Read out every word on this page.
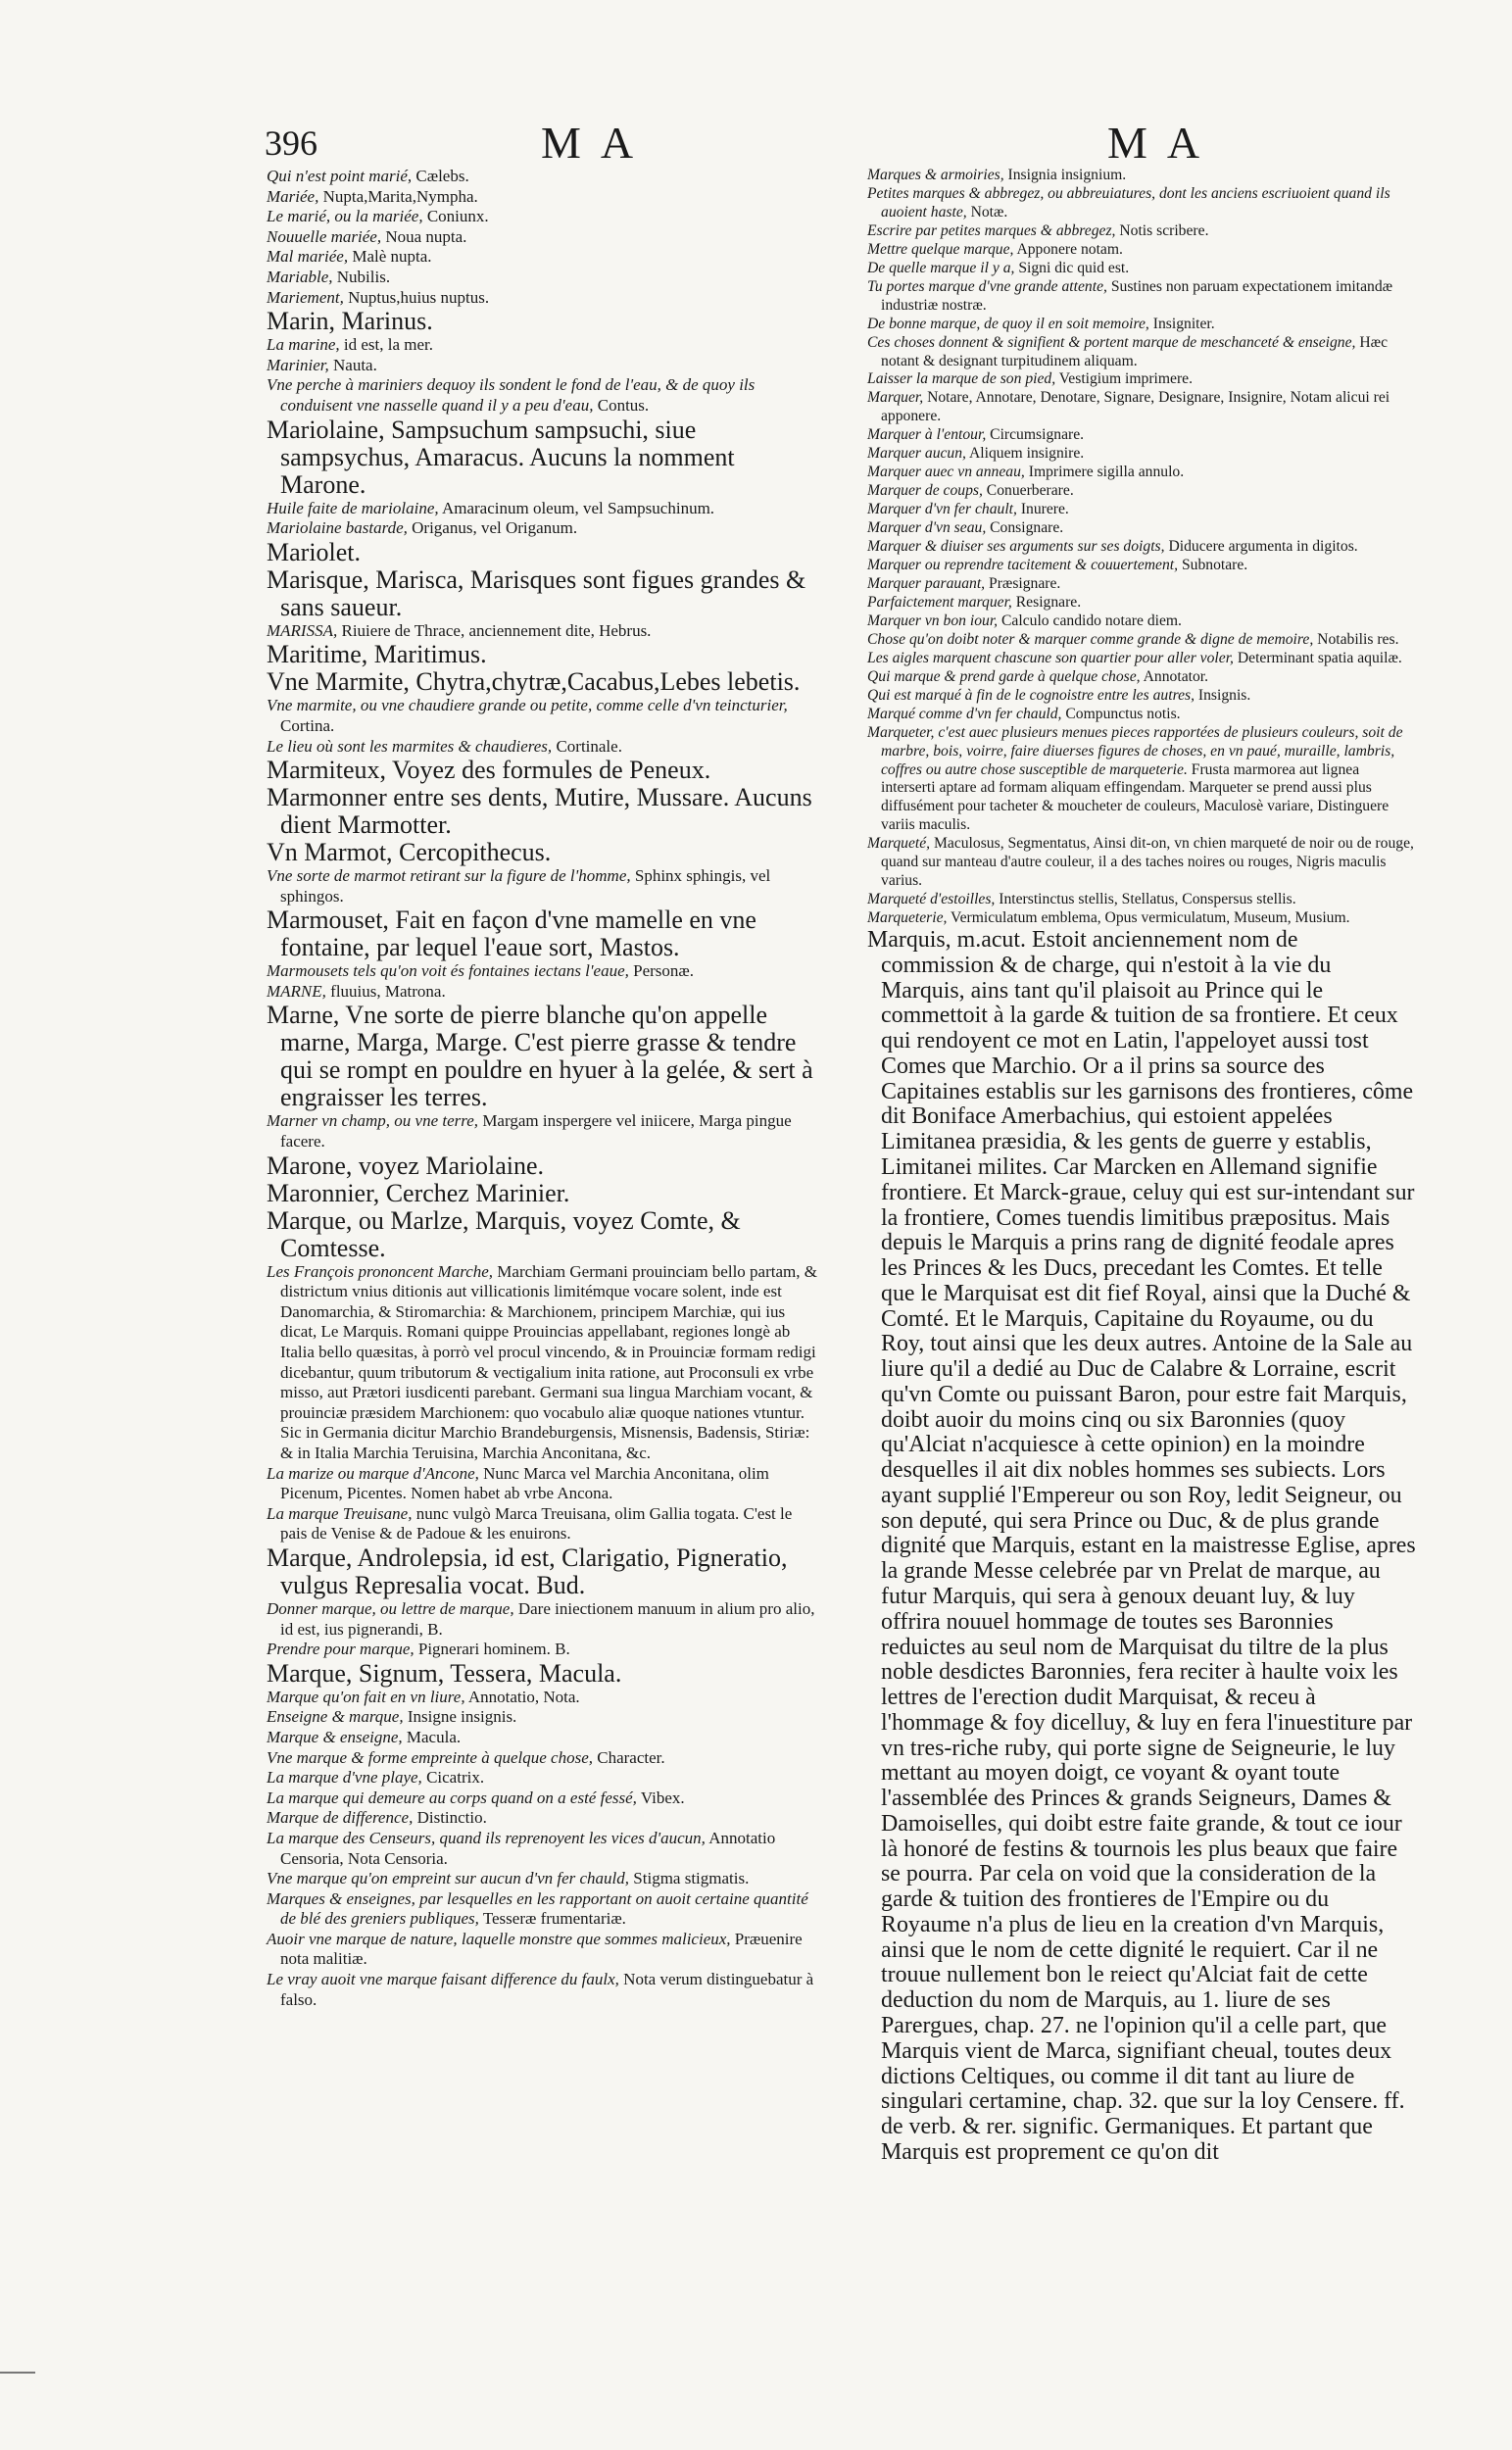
396	MA	MA

Qui n'est point marié, Cælebs.

Mariée, Nupta,Marita,Nympha.

Le marié, ou la mariée, Coniunx.

Nouuelle mariée, Noua nupta.

Mal mariée, Malè nupta.

Mariable, Nubilis.

Mariement, Nuptus,huius nuptus.

Marin, Marinus.

La marine, id est, la mer.

Marinier, Nauta.

Vne perche à mariniers dequoy ils sondent le fond de l'eau, & de quoy ils conduisent vne nasselle quand il y a peu d'eau, Contus.

Mariolaine, Sampsuchum sampsuchi, siue sampsychus, Amaracus. Aucuns la nomment Marone.

Huile faite de mariolaine, Amaracinum oleum, vel Sampsuchinum.

Mariolaine bastarde, Origanus, vel Origanum.

Mariolet.

Marisque, Marisca, Marisques sont figues grandes & sans saueur.

MARISSA, Riuiere de Thrace, anciennement dite, Hebrus.

Maritime, Maritimus.

Vne Marmite, Chytra,chytræ,Cacabus,Lebes lebetis.

Vne marmite, ou vne chaudiere grande ou petite, comme celle d'vn teincturier, Cortina.

Le lieu où sont les marmites & chaudieres, Cortinale.

Marmiteux, Voyez des formules de Peneux.

Marmonner entre ses dents, Mutire, Mussare. Aucuns dient Marmotter.

Vn Marmot, Cercopithecus.

Vne sorte de marmot retirant sur la figure de l'homme, Sphinx sphingis, vel sphingos.

Marmouset, Fait en façon d'vne mamelle en vne fontaine, par lequel l'eaue sort, Mastos.

Marmousets tels qu'on voit és fontaines iectans l'eaue, Personæ.

MARNE, fluuius, Matrona.

Marne, Vne sorte de pierre blanche qu'on appelle marne, Marga, Marge. C'est pierre grasse & tendre qui se rompt en pouldre en hyuer à la gelée, & sert à engraisser les terres.

Marner vn champ, ou vne terre, Margam inspergere vel iniicere, Marga pingue facere.

Marone, voyez Mariolaine.

Maronnier, Cerchez Marinier.

Marque, ou Marlze, Marquis, voyez Comte, & Comtesse.

Les François prononcent Marche, Marchiam Germani prouinciam bello partam, & districtum vnius ditionis aut villicationis limitémque vocare solent, inde est Danomarchia, & Stiromarchia: & Marchionem, principem Marchiæ, qui ius dicat, Le Marquis. Romani quippe Prouincias appellabant, regiones longè ab Italia bello quæsitas, à porrò vel procul vincendo, & in Prouinciæ formam redigi dicebantur, quum tributorum & vectigalium inita ratione, aut Proconsuli ex vrbe misso, aut Prætori iusdicenti parebant. Germani sua lingua Marchiam vocant, & prouinciæ præsidem Marchionem: quo vocabulo aliæ quoque nationes vtuntur. Sic in Germania dicitur Marchio Brandeburgensis, Misnensis, Badensis, Stiriæ: & in Italia Marchia Teruisina, Marchia Anconitana, &c.

La marize ou marque d'Ancone, Nunc Marca vel Marchia Anconitana, olim Picenum, Picentes. Nomen habet ab vrbe Ancona.

La marque Treuisane, nunc vulgò Marca Treuisana, olim Gallia togata. C'est le pais de Venise & de Padoue & les enuirons.

Marque, Androlepsia, id est, Clarigatio, Pigneratio, vulgus Represalia vocat. Bud.

Donner marque, ou lettre de marque, Dare iniectionem manuum in alium pro alio, id est, ius pignerandi, B.

Prendre pour marque, Pignerari hominem. B.

Marque, Signum, Tessera, Macula.

Marque qu'on fait en vn liure, Annotatio, Nota.

Enseigne & marque, Insigne insignis.

Marque & enseigne, Macula.

Vne marque & forme empreinte à quelque chose, Character.

La marque d'vne playe, Cicatrix.

La marque qui demeure au corps quand on a esté fessé, Vibex.

Marque de difference, Distinctio.

La marque des Censeurs, quand ils reprenoyent les vices d'aucun, Annotatio Censoria, Nota Censoria.

Vne marque qu'on empreint sur aucun d'vn fer chauld, Stigma stigmatis.

Marques & enseignes, par lesquelles en les rapportant on auoit certaine quantité de blé des greniers publiques, Tesseræ frumentariæ.

Auoir vne marque de nature, laquelle monstre que sommes malicieux, Præuenire nota malitiæ.

Le vray auoit vne marque faisant difference du faulx, Nota verum distinguebatur à falso.

Marques & armoiries, Insignia insignium.

Petites marques & abbregez, ou abbreuiatures, dont les anciens escriuoient quand ils auoient haste, Notæ.

Escrire par petites marques & abbregez, Notis scribere.

Mettre quelque marque, Apponere notam.

De quelle marque il y a, Signi dic quid est.

Tu portes marque d'vne grande attente, Sustines non paruam expectationem imitandæ industriæ nostræ.

De bonne marque, de quoy il en soit memoire, Insigniter.

Ces choses donnent & signifient & portent marque de meschanceté & enseigne, Hæc notant & designant turpitudinem aliquam.

Laisser la marque de son pied, Vestigium imprimere.

Marquer, Notare, Annotare, Denotare, Signare, Designare, Insignire, Notam alicui rei apponere.

Marquer à l'entour, Circumsignare.

Marquer aucun, Aliquem insignire.

Marquer auec vn anneau, Imprimere sigilla annulo.

Marquer de coups, Conuerberare.

Marquer d'vn fer chault, Inurere.

Marquer d'vn seau, Consignare.

Marquer & diuiser ses arguments sur ses doigts, Diducere argumenta in digitos.

Marquer ou reprendre tacitement & couuertement, Subnotare.

Marquer parauant, Præsignare.

Parfaictement marquer, Resignare.

Marquer vn bon iour, Calculo candido notare diem.

Chose qu'on doibt noter & marquer comme grande & digne de memoire, Notabilis res.

Les aigles marquent chascune son quartier pour aller voler, Determinant spatia aquilæ.

Qui marque & prend garde à quelque chose, Annotator.

Qui est marqué à fin de le cognoistre entre les autres, Insignis.

Marqué comme d'vn fer chauld, Compunctus notis.

Marqueter, c'est auec plusieurs menues pieces rapportées de plusieurs couleurs, soit de marbre, bois, voirre, faire diuerses figures de choses, en vn paué, muraille, lambris, coffres ou autre chose susceptible de marqueterie. Frusta marmorea aut lignea interserti aptare ad formam aliquam effingendam. Marqueter se prend aussi plus diffusément pour tacheter & moucheter de couleurs, Maculosè variare, Distinguere variis maculis.

Marqueté, Maculosus, Segmentatus, Ainsi dit-on, vn chien marqueté de noir ou de rouge, quand sur manteau d'autre couleur, il a des taches noires ou rouges, Nigris maculis varius.

Marqueté d'estoilles, Interstinctus stellis, Stellatus, Conspersus stellis.

Marqueterie, Vermiculatum emblema, Opus vermiculatum, Museum, Musium.

Marquis, m.acut. Estoit anciennement nom de commission & de charge, qui n'estoit à la vie du Marquis, ains tant qu'il plaisoit au Prince qui le commettoit à la garde & tuition de sa frontiere. Et ceux qui rendoyent ce mot en Latin, l'appeloyet aussi tost Comes que Marchio. Or a il prins sa source des Capitaines establis sur les garnisons des frontieres, côme dit Boniface Amerbachius, qui estoient appelées Limitanea præsidia, & les gents de guerre y establis, Limitanei milites. Car Marcken en Allemand signifie frontiere. Et Marck-graue, celuy qui est sur-intendant sur la frontiere, Comes tuendis limitibus præpositus. Mais depuis le Marquis a prins rang de dignité feodale apres les Princes & les Ducs, precedant les Comtes. Et telle que le Marquisat est dit fief Royal, ainsi que la Duché & Comté. Et le Marquis, Capitaine du Royaume, ou du Roy, tout ainsi que les deux autres. Antoine de la Sale au liure qu'il a dedié au Duc de Calabre & Lorraine, escrit qu'vn Comte ou puissant Baron, pour estre fait Marquis, doibt auoir du moins cinq ou six Baronnies (quoy qu'Alciat n'acquiesce à cette opinion) en la moindre desquelles il ait dix nobles hommes ses subiects. Lors ayant supplié l'Empereur ou son Roy, ledit Seigneur, ou son deputé, qui sera Prince ou Duc, & de plus grande dignité que Marquis, estant en la maistresse Eglise, apres la grande Messe celebrée par vn Prelat de marque, au futur Marquis, qui sera à genoux deuant luy, & luy offrira nouuel hommage de toutes ses Baronnies reduictes au seul nom de Marquisat du tiltre de la plus noble desdictes Baronnies, fera reciter à haulte voix les lettres de l'erection dudit Marquisat, & receu à l'hommage & foy dicelluy, & luy en fera l'inuestiture par vn tres-riche ruby, qui porte signe de Seigneurie, le luy mettant au moyen doigt, ce voyant & oyant toute l'assemblée des Princes & grands Seigneurs, Dames & Damoiselles, qui doibt estre faite grande, & tout ce iour là honoré de festins & tournois les plus beaux que faire se pourra. Par cela on void que la consideration de la garde & tuition des frontieres de l'Empire ou du Royaume n'a plus de lieu en la creation d'vn Marquis, ainsi que le nom de cette dignité le requiert. Car il ne trouue nullement bon le reiect qu'Alciat fait de cette deduction du nom de Marquis, au 1. liure de ses Parergues, chap. 27. ne l'opinion qu'il a celle part, que Marquis vient de Marca, signifiant cheual, toutes deux dictions Celtiques, ou comme il dit tant au liure de singulari certamine, chap. 32. que sur la loy Censere. ff. de verb. & rer. signific. Germaniques. Et partant que Marquis est proprement ce qu'on dit
